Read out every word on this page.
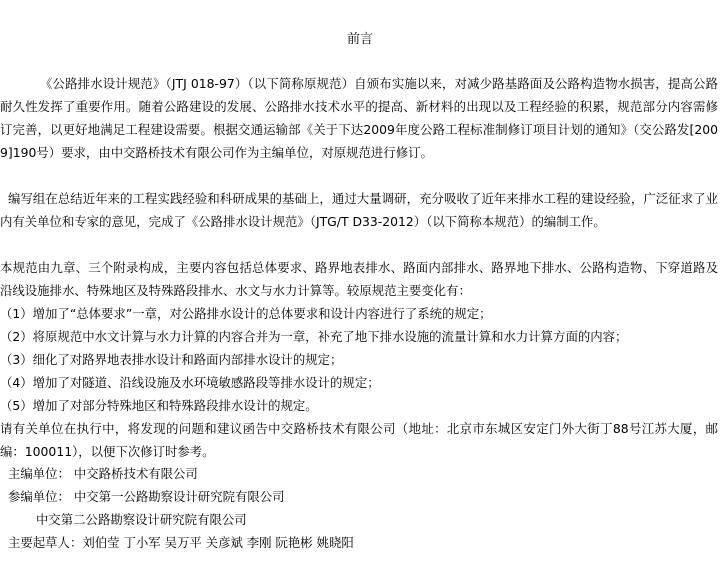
前言
《公路排水设计规范》（JTJ 018-97）（以下简称原规范）自颁布实施以来，对减少路基路面及公路构造物水损害，提高公路耐久性发挥了重要作用。随着公路建设的发展、公路排水技术水平的提高、新材料的出现以及工程经验的积累，规范部分内容需修订完善，以更好地满足工程建设需要。根据交通运输部《关于下达2009年度公路工程标准制修订项目计划的通知》（交公路发[2009]190号）要求，由中交路桥技术有限公司作为主编单位，对原规范进行修订。
编写组在总结近年来的工程实践经验和科研成果的基础上，通过大量调研，充分吸收了近年来排水工程的建设经验，广泛征求了业内有关单位和专家的意见，完成了《公路排水设计规范》（JTG/T D33-2012）（以下简称本规范）的编制工作。
本规范由九章、三个附录构成，主要内容包括总体要求、路界地表排水、路面内部排水、路界地下排水、公路构造物、下穿道路及沿线设施排水、特殊地区及特殊路段排水、水文与水力计算等。较原规范主要变化有：
（1）增加了“总体要求”一章，对公路排水设计的总体要求和设计内容进行了系统的规定；
（2）将原规范中水文计算与水力计算的内容合并为一章，补充了地下排水设施的流量计算和水力计算方面的内容；
（3）细化了对路界地表排水设计和路面内部排水设计的规定；
（4）增加了对隧道、沿线设施及水环境敏感路段等排水设计的规定；
（5）增加了对部分特殊地区和特殊路段排水设计的规定。
请有关单位在执行中，将发现的问题和建议函告中交路桥技术有限公司（地址：北京市东城区安定门外大街丁88号江苏大厦，邮编：100011），以便下次修订时参考。
主编单位： 中交路桥技术有限公司
参编单位： 中交第一公路勘察设计研究院有限公司
中交第二公路勘察设计研究院有限公司
主要起草人：刘伯莹 丁小军 吴万平 关彦斌 李刚 阮艳彬 姚晓阳
